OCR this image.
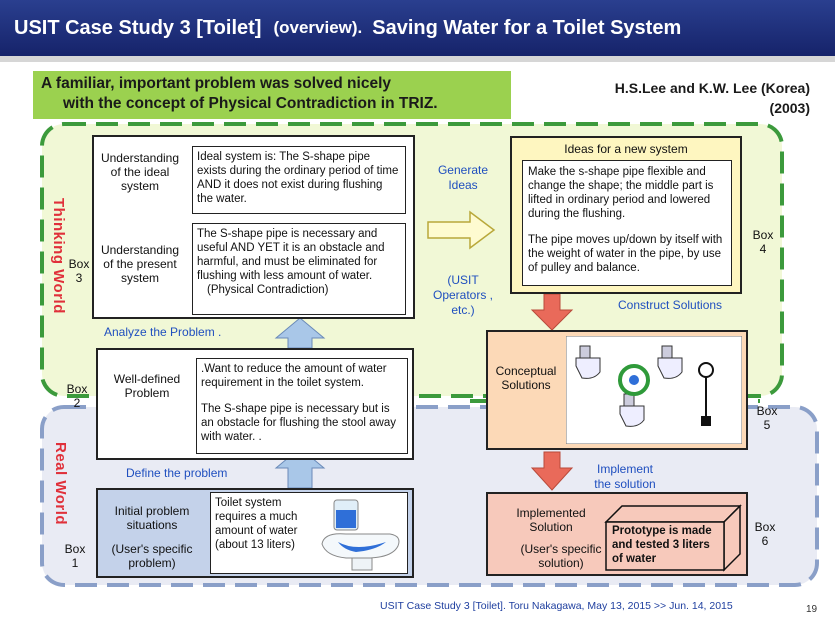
USIT Case Study 3 [Toilet] (overview). Saving Water for a Toilet System
A familiar, important problem was solved nicely
with the concept of Physical Contradiction in TRIZ.
H.S.Lee and K.W. Lee (Korea)
(2003)
Thinking World
Real World
Understanding of the ideal system
Ideal system is: The S-shape pipe exists during the ordinary period of time AND it does not exist during flushing the water.
Understanding of the present system
The S-shape pipe is necessary and useful AND YET it is an obstacle and harmful, and must be eliminated for flushing with less amount of water.
(Physical Contradiction)
Box
3
Analyze the Problem .
Well-defined Problem
.Want to reduce the amount of water requirement in the toilet system.
The S-shape pipe is necessary but is an obstacle for flushing the stool away with water. .
Box
2
Define the problem
Initial problem situations
(User's specific problem)
Toilet system requires a much amount of water (about 13 liters)
Box
1
Generate Ideas
(USIT Operators , etc.)
Ideas for a new system
Make the s-shape pipe flexible and change the shape; the middle part is lifted in ordinary period and lowered during the flushing.
The pipe moves up/down by itself with the weight of water in the pipe, by use of pulley and balance.
Box
4
Construct Solutions
Conceptual Solutions
Box
5
Implement the solution
Implemented Solution
(User's specific solution)
Prototype is made and tested 3 liters of water
Box
6
USIT Case Study 3 [Toilet]. Toru Nakagawa, May 13, 2015 >> Jun. 14, 2015	19
